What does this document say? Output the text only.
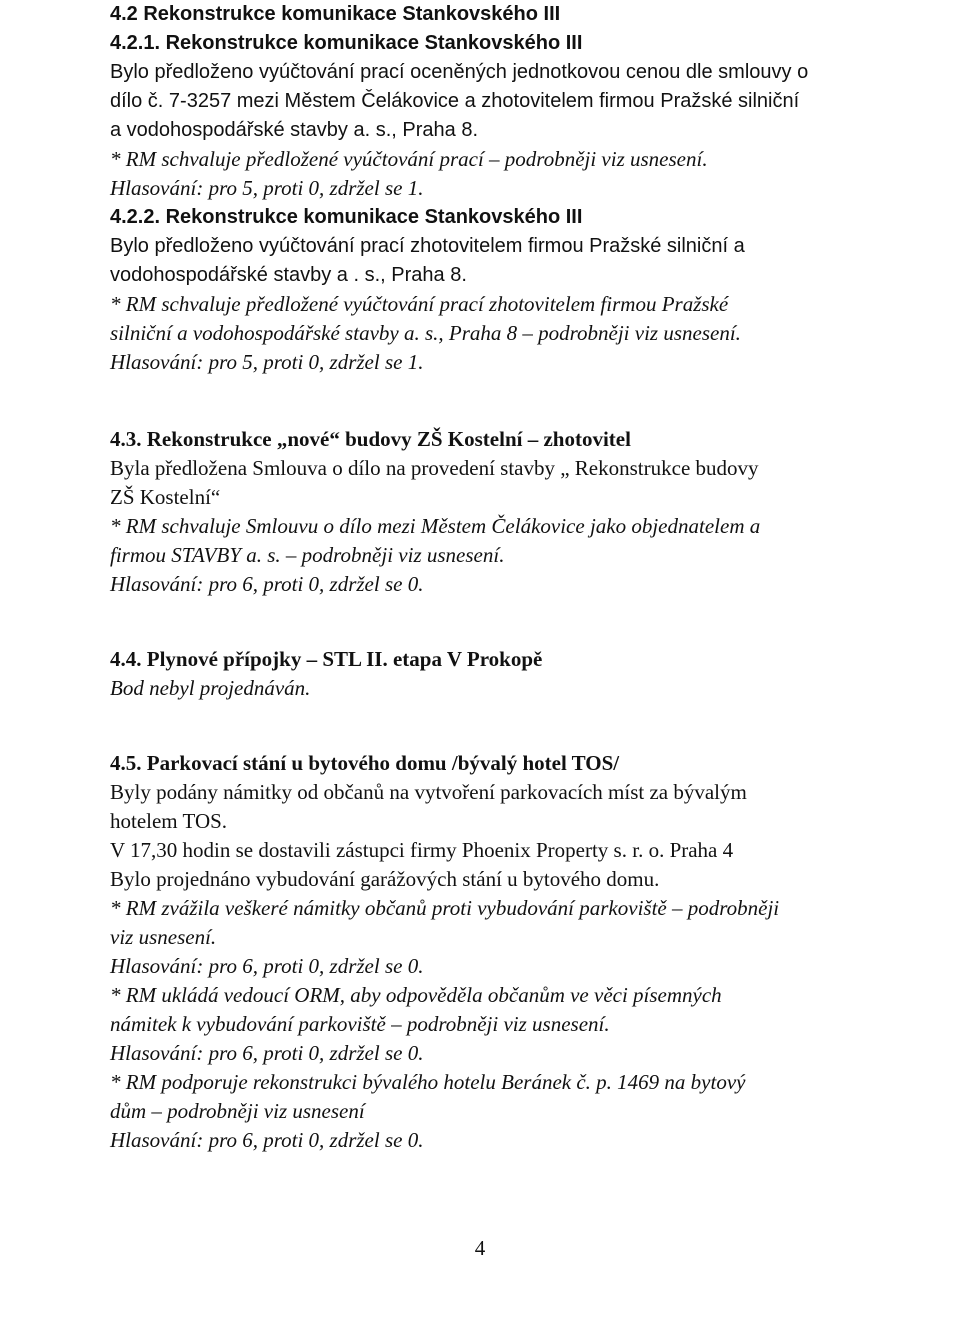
4.2 Rekonstrukce komunikace Stankovského III

4.2.1. Rekonstrukce komunikace Stankovského III

Bylo předloženo vyúčtování prací oceněných jednotkovou cenou dle smlouvy o

dílo č. 7-3257 mezi Městem Čelákovice a zhotovitelem firmou Pražské silniční

a vodohospodářské stavby a. s., Praha 8.

* RM schvaluje předložené vyúčtování prací – podrobněji viz usnesení.

Hlasování: pro 5, proti 0, zdržel se 1.

4.2.2. Rekonstrukce komunikace Stankovského III

Bylo předloženo vyúčtování prací zhotovitelem firmou Pražské silniční a

vodohospodářské stavby a . s., Praha 8.

* RM schvaluje předložené vyúčtování prací zhotovitelem firmou Pražské

silniční a vodohospodářské stavby a. s., Praha 8 – podrobněji viz usnesení.

Hlasování: pro 5, proti 0, zdržel se 1.

4.3. Rekonstrukce „nové“ budovy ZŠ Kostelní – zhotovitel

Byla předložena Smlouva o dílo na provedení stavby „ Rekonstrukce budovy

ZŠ Kostelní“

* RM schvaluje Smlouvu o dílo mezi Městem Čelákovice jako objednatelem a

firmou STAVBY a. s. – podrobněji viz usnesení.

Hlasování: pro 6, proti 0, zdržel se 0.

4.4. Plynové přípojky – STL II. etapa V Prokopě

Bod nebyl projednáván.

4.5. Parkovací stání u bytového domu /bývalý hotel TOS/

Byly podány námitky od občanů na vytvoření parkovacích míst za bývalým

hotelem TOS.

V 17,30 hodin se dostavili zástupci firmy Phoenix Property s. r. o. Praha 4

Bylo projednáno vybudování garážových stání u bytového domu.

* RM zvážila veškeré námitky občanů proti vybudování parkoviště – podrobněji

viz usnesení.

Hlasování: pro 6, proti 0, zdržel se 0.

* RM ukládá vedoucí ORM, aby odpověděla občanům ve věci písemných

námitek k vybudování parkoviště – podrobněji viz usnesení.

Hlasování: pro 6, proti 0, zdržel se 0.

* RM podporuje rekonstrukci bývalého hotelu Beránek č. p. 1469 na bytový

dům – podrobněji viz usnesení

Hlasování: pro 6, proti 0, zdržel se 0.

4
